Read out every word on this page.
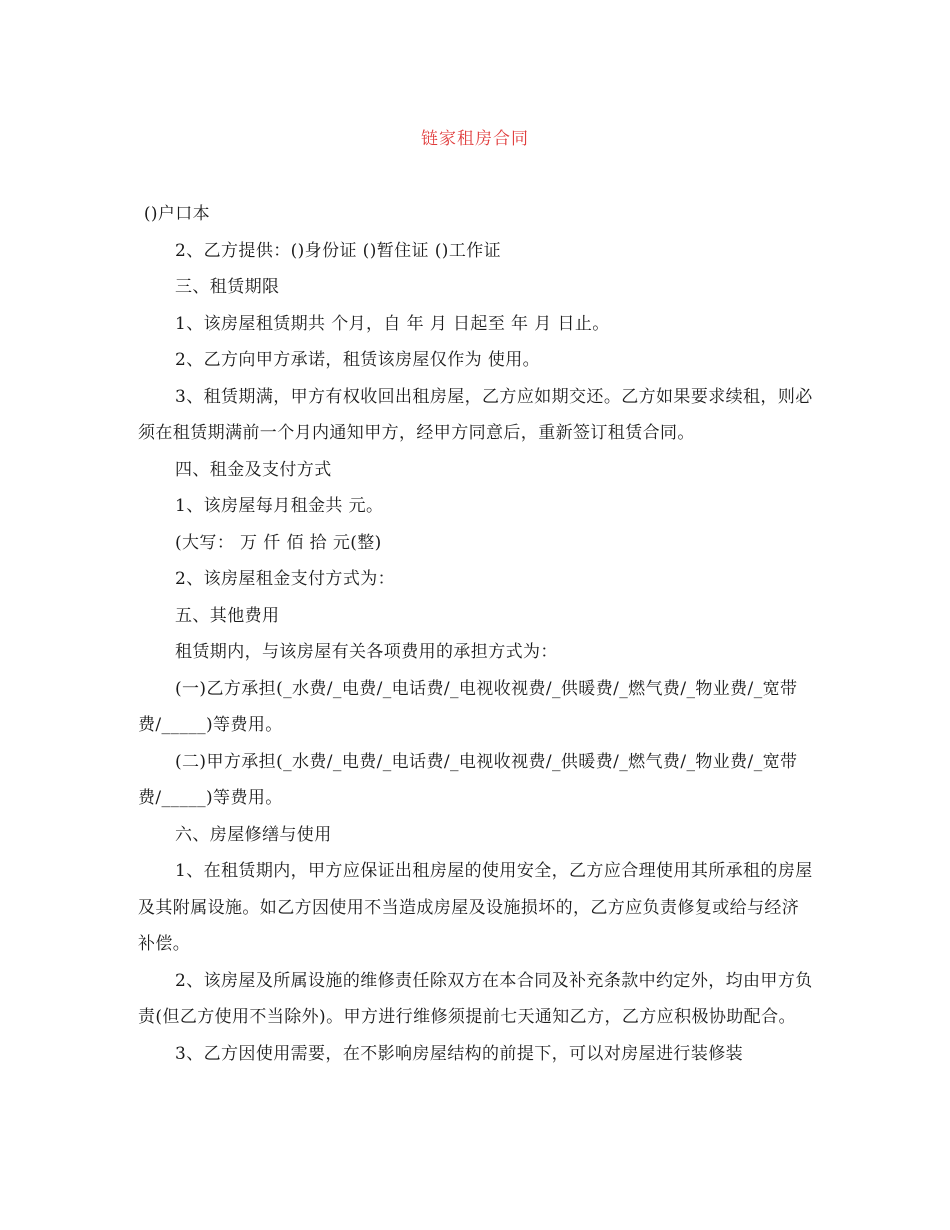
链家租房合同

()户口本

2、乙方提供：()身份证 ()暂住证 ()工作证

三、租赁期限

1、该房屋租赁期共 个月，自 年 月 日起至 年 月 日止。

2、乙方向甲方承诺，租赁该房屋仅作为 使用。

3、租赁期满，甲方有权收回出租房屋，乙方应如期交还。乙方如果要求续租，则必须在租赁期满前一个月内通知甲方，经甲方同意后，重新签订租赁合同。

四、租金及支付方式

1、该房屋每月租金共 元。

(大写： 万 仟 佰 拾 元(整)

2、该房屋租金支付方式为：

五、其他费用

租赁期内，与该房屋有关各项费用的承担方式为：

(一)乙方承担(_水费/_电费/_电话费/_电视收视费/_供暖费/_燃气费/_物业费/_宽带费/_____)等费用。

(二)甲方承担(_水费/_电费/_电话费/_电视收视费/_供暖费/_燃气费/_物业费/_宽带费/_____)等费用。

六、房屋修缮与使用

1、在租赁期内，甲方应保证出租房屋的使用安全，乙方应合理使用其所承租的房屋及其附属设施。如乙方因使用不当造成房屋及设施损坏的，乙方应负责修复或给与经济补偿。

2、该房屋及所属设施的维修责任除双方在本合同及补充条款中约定外，均由甲方负责(但乙方使用不当除外)。甲方进行维修须提前七天通知乙方，乙方应积极协助配合。

3、乙方因使用需要，在不影响房屋结构的前提下，可以对房屋进行装修装
